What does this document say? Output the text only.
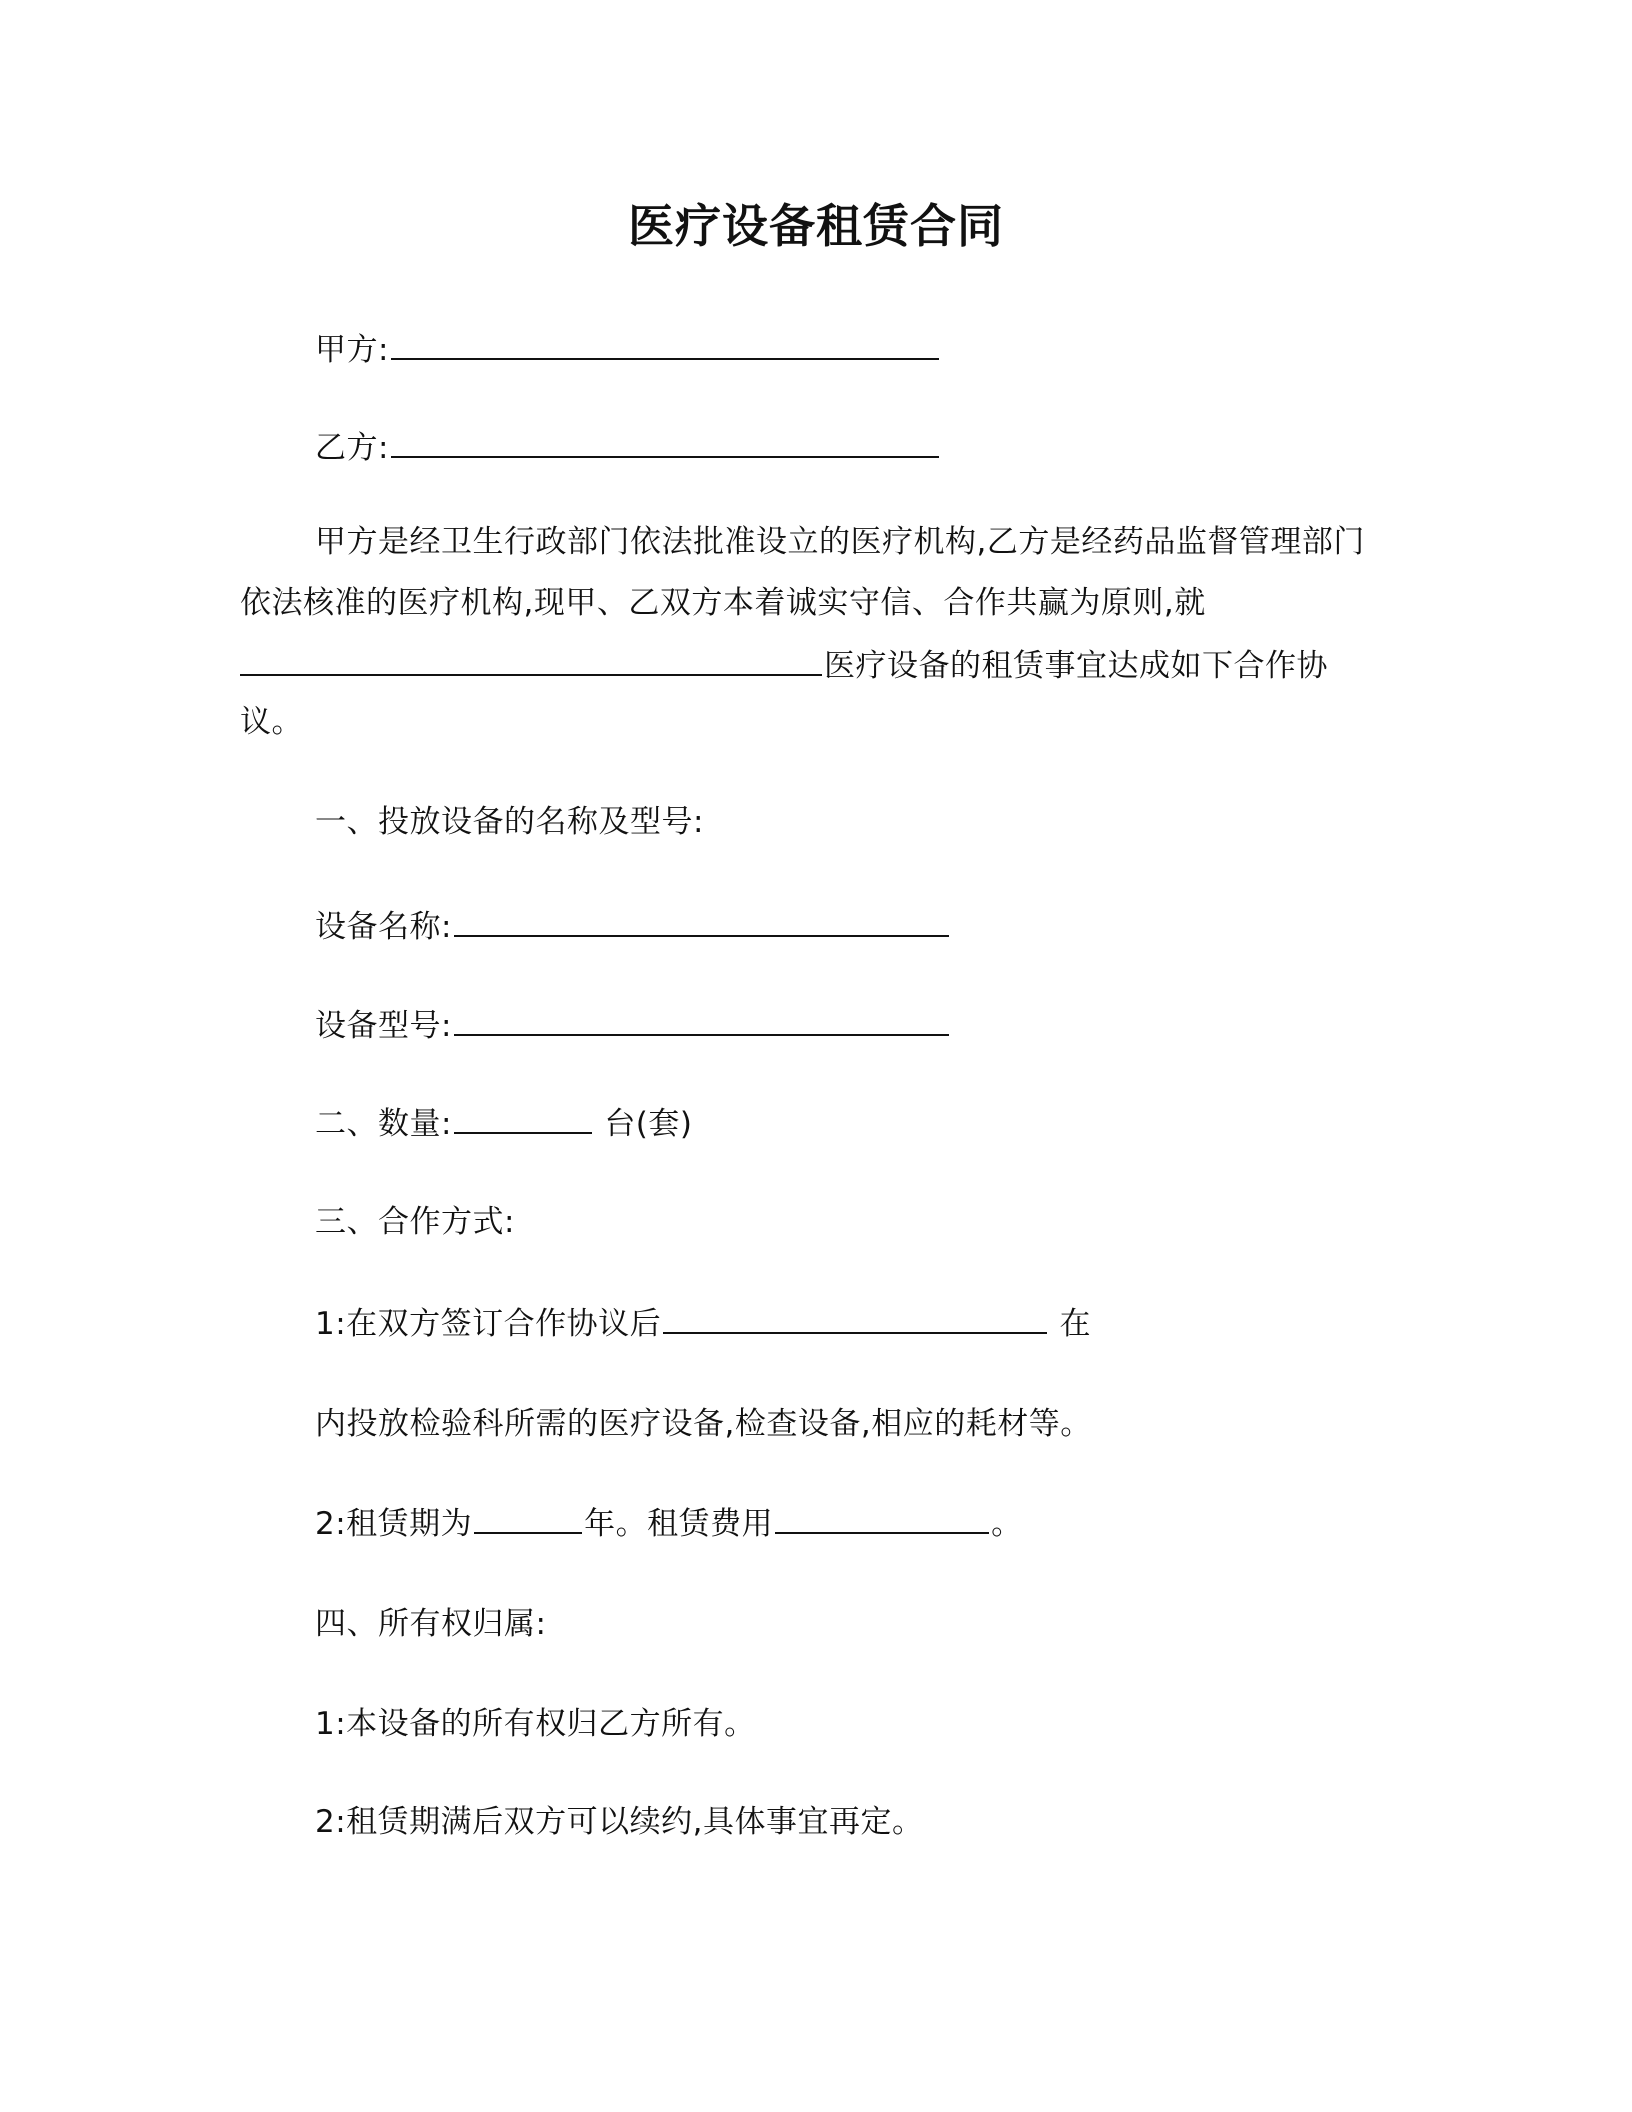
医疗设备租赁合同
甲方:
乙方:
甲方是经卫生行政部门依法批准设立的医疗机构,乙方是经药品监督管理部门
依法核准的医疗机构,现甲、乙双方本着诚实守信、合作共赢为原则,就
医疗设备的租赁事宜达成如下合作协
议。
一、投放设备的名称及型号:
设备名称:
设备型号:
二、数量:	台(套)
三、合作方式:
1:在双方签订合作协议后	在
内投放检验科所需的医疗设备,检查设备,相应的耗材等。
2:租赁期为	年。租赁费用	。
四、所有权归属:
1:本设备的所有权归乙方所有。
2:租赁期满后双方可以续约,具体事宜再定。
